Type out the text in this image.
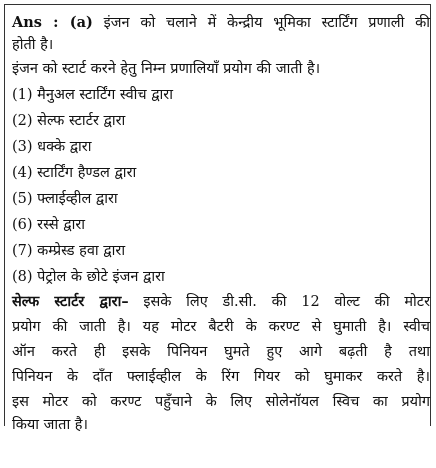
Ans : (a) इंजन को चलाने में केन्द्रीय भूमिका स्टार्टिंग प्रणाली की
होती है।
इंजन को स्टार्ट करने हेतु निम्न प्रणालियाँ प्रयोग की जाती है।
(1) मैनुअल स्टार्टिंग स्वीच द्वारा
(2) सेल्फ स्टार्टर द्वारा
(3) धक्के द्वारा
(4) स्टार्टिंग हैण्डल द्वारा
(5) फ्लाईव्हील द्वारा
(6) रस्से द्वारा
(7) कम्प्रेस्ड हवा द्वारा
(8) पेट्रोल के छोटे इंजन द्वारा
सेल्फ स्टार्टर द्वारा– इसके लिए डी.सी. की 12 वोल्ट की मोटर
प्रयोग की जाती है। यह मोटर बैटरी के करण्ट से घुमाती है। स्वीच
ऑन करते ही इसके पिनियन घुमते हुए आगे बढ़ती है तथा
पिनियन के दाँत फ्लाईव्हील के रिंग गियर को घुमाकर करते है।
इस मोटर को करण्ट पहुँचाने के लिए सोलेनॉयल स्विच का प्रयोग
किया जाता है।
